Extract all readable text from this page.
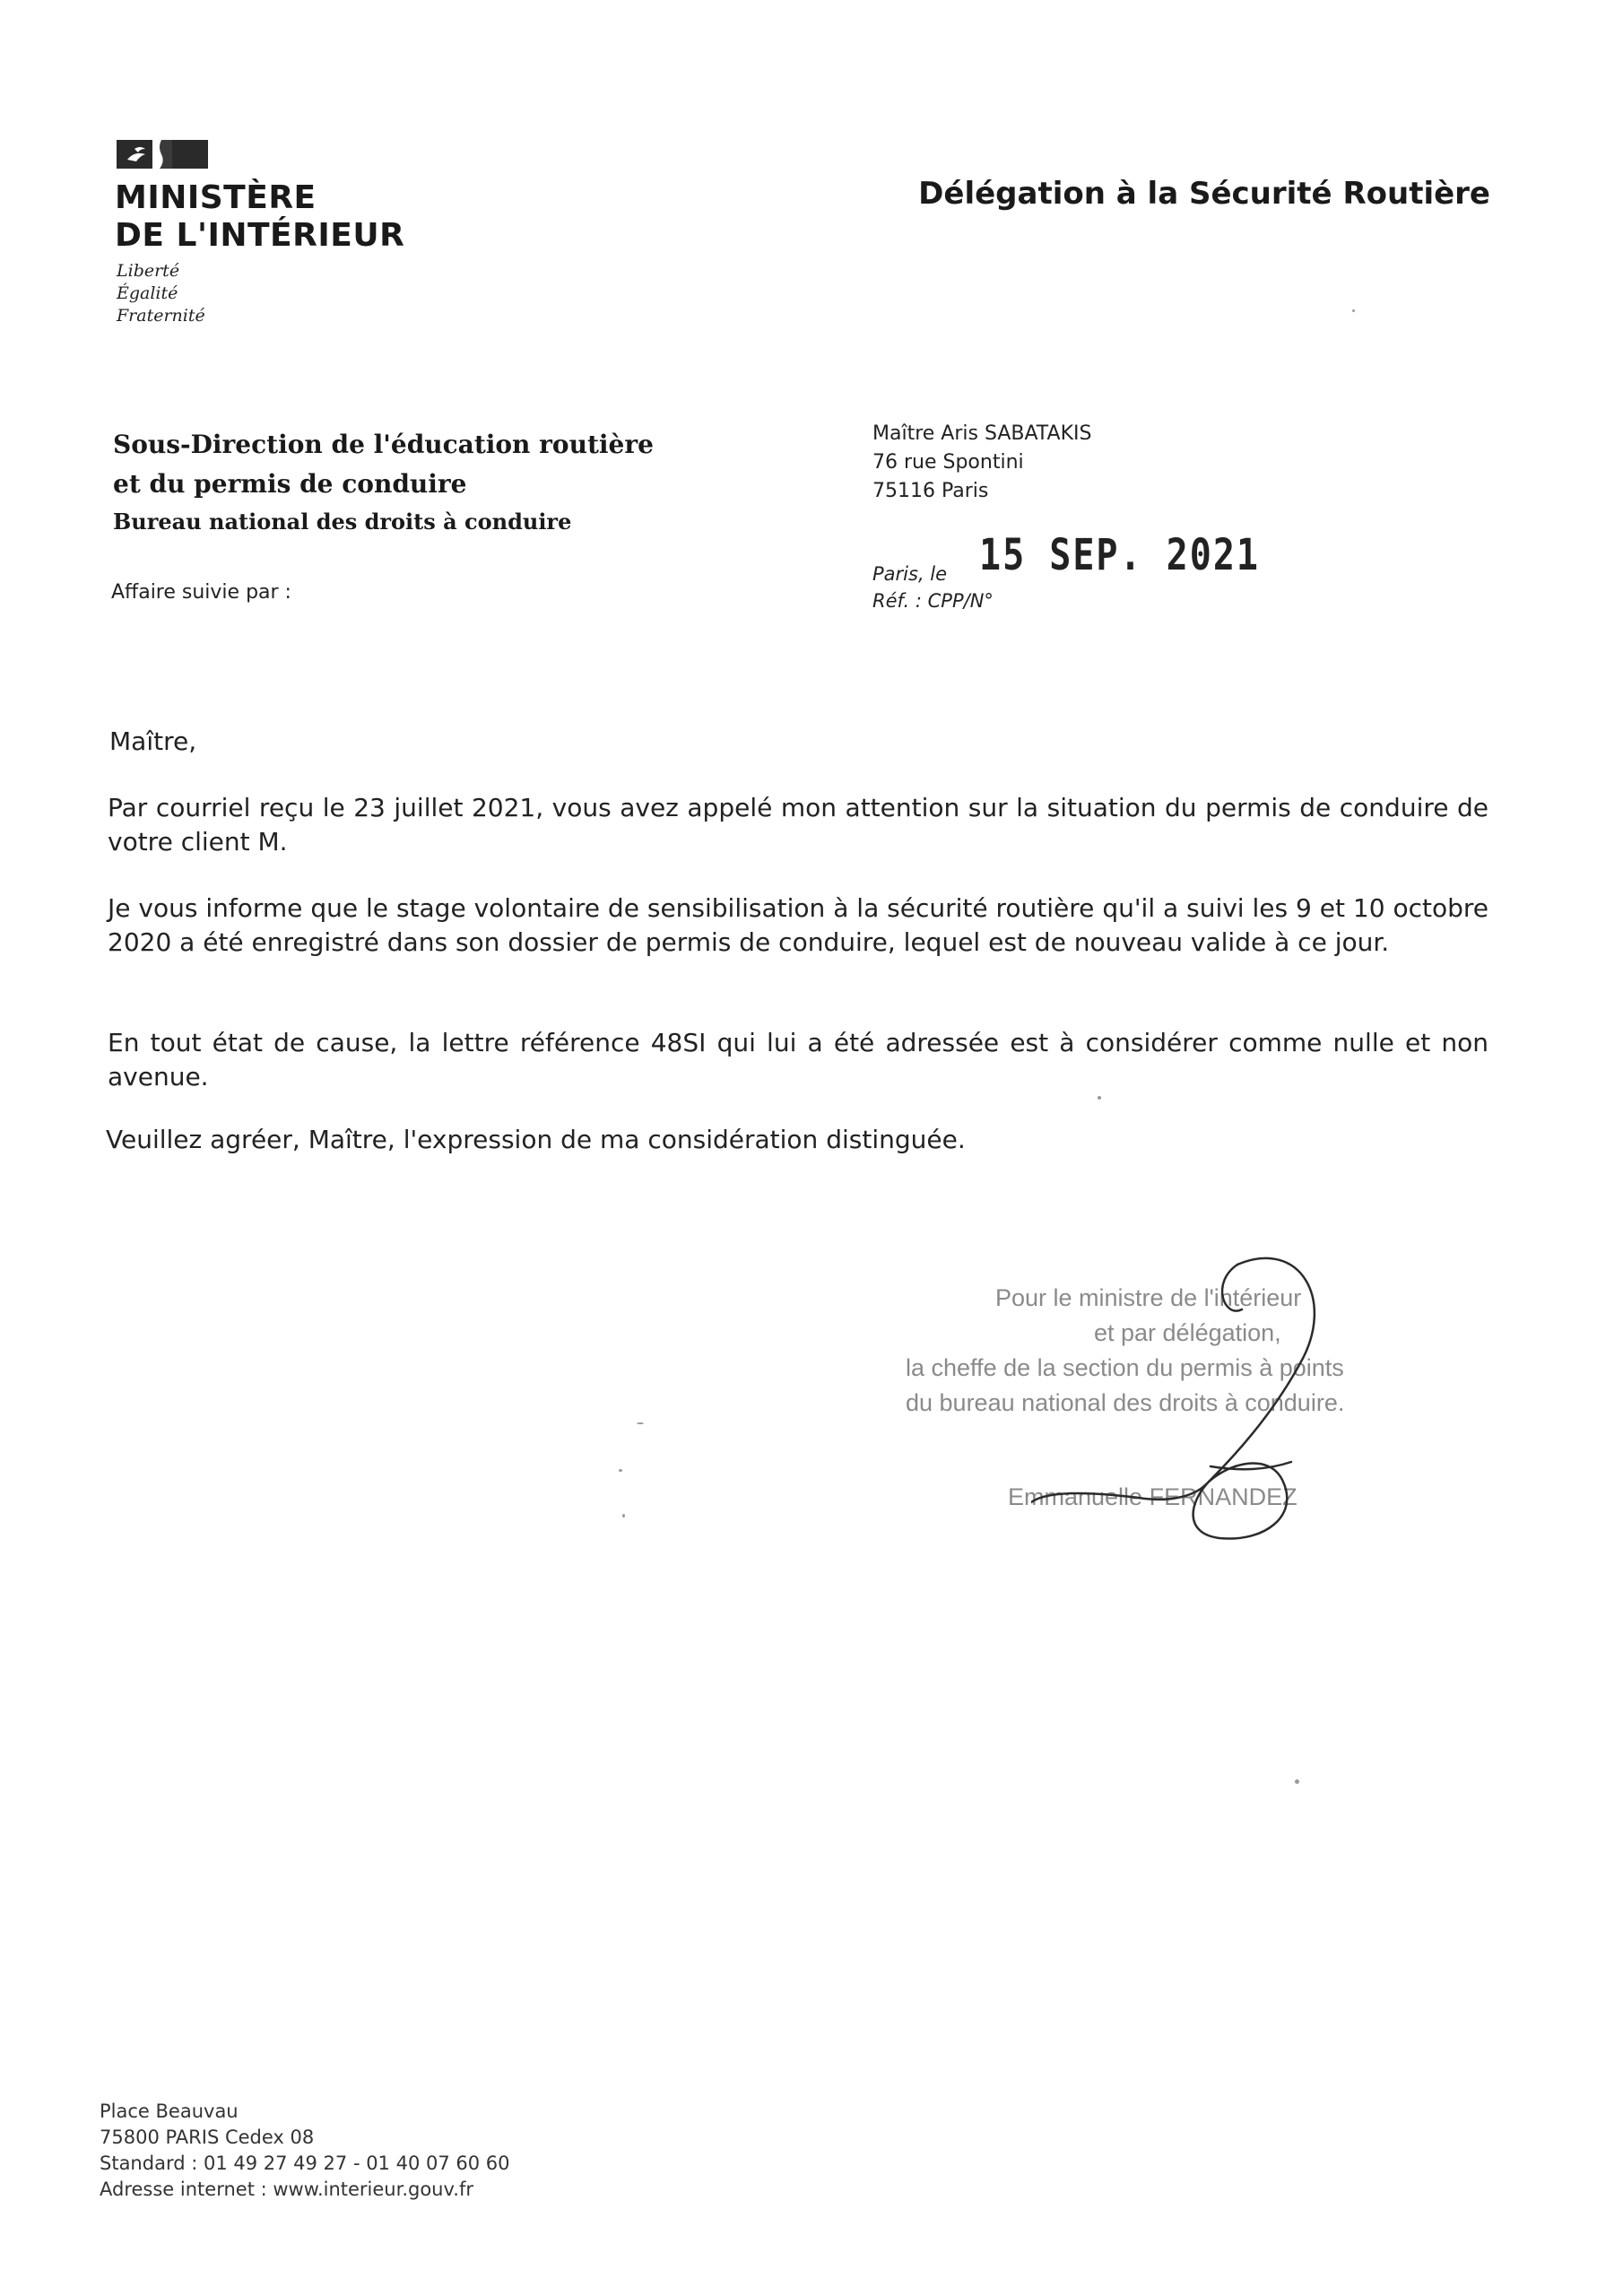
MINISTÈRE
DE L'INTÉRIEUR
Liberté
Égalité
Fraternité
Délégation à la Sécurité Routière
Sous-Direction de l'éducation routière
et du permis de conduire
Bureau national des droits à conduire
Affaire suivie par :
Maître Aris SABATAKIS
76 rue Spontini
75116 Paris
Paris, le 15 SEP. 2021
Réf. : CPP/N°
Maître,
Par courriel reçu le 23 juillet 2021, vous avez appelé mon attention sur la situation du permis de conduire de votre client M.
Je vous informe que le stage volontaire de sensibilisation à la sécurité routière qu'il a suivi les 9 et 10 octobre 2020 a été enregistré dans son dossier de permis de conduire, lequel est de nouveau valide à ce jour.
En tout état de cause, la lettre référence 48SI qui lui a été adressée est à considérer comme nulle et non avenue.
Veuillez agréer, Maître, l'expression de ma considération distinguée.
Pour le ministre de l'intérieur
et par délégation,
la cheffe de la section du permis à points
du bureau national des droits à conduire.
Emmanuelle FERNANDEZ
Place Beauvau
75800 PARIS Cedex 08
Standard : 01 49 27 49 27 - 01 40 07 60 60
Adresse internet : www.interieur.gouv.fr
